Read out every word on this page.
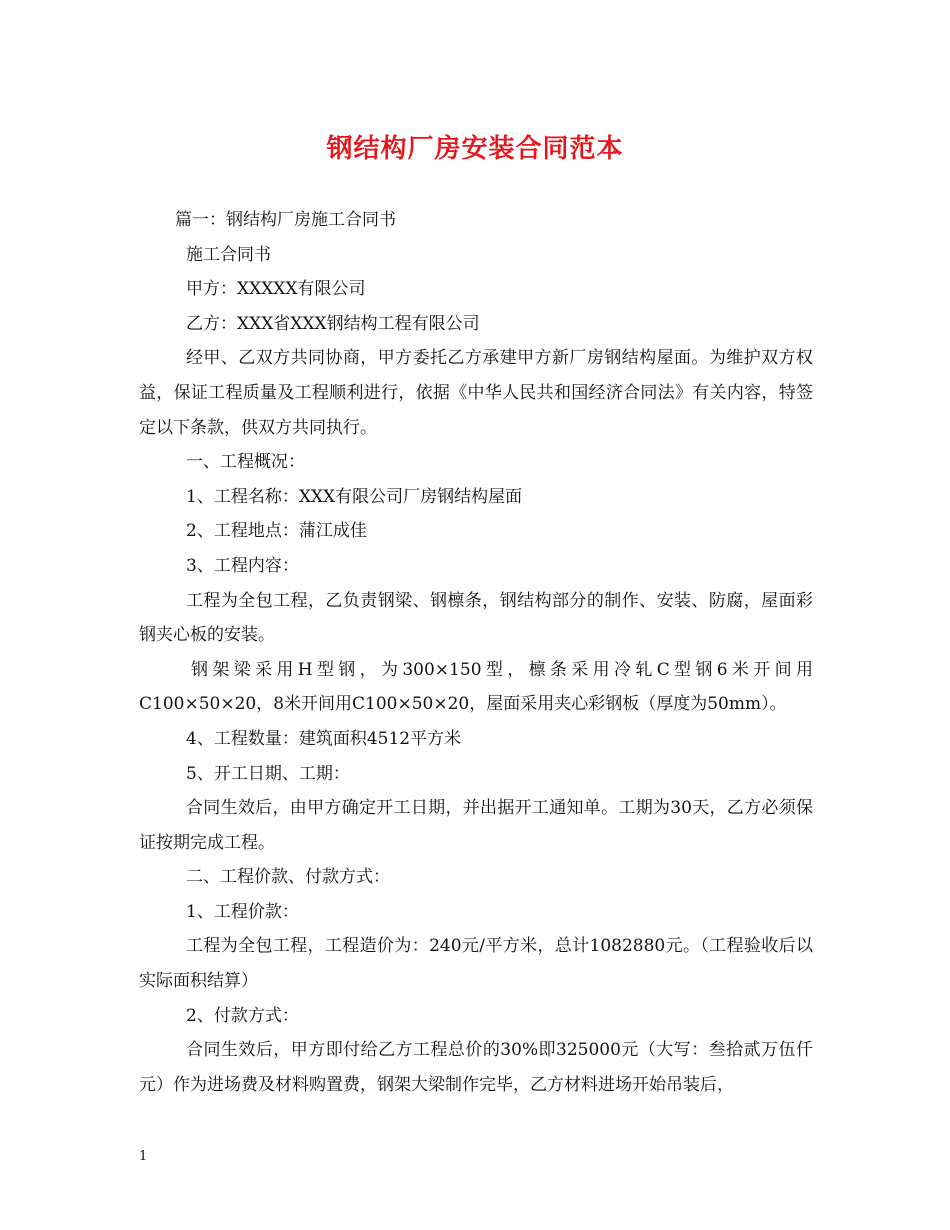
钢结构厂房安装合同范本

篇一：钢结构厂房施工合同书

施工合同书

甲方：XXXXX有限公司

乙方：XXX省XXX钢结构工程有限公司

经甲、乙双方共同协商，甲方委托乙方承建甲方新厂房钢结构屋面。为维护双方权益，保证工程质量及工程顺利进行，依据《中华人民共和国经济合同法》有关内容，特签定以下条款，供双方共同执行。

一、工程概况：

1、工程名称：XXX有限公司厂房钢结构屋面

2、工程地点：蒲江成佳

3、工程内容：

工程为全包工程，乙负责钢梁、钢檩条，钢结构部分的制作、安装、防腐，屋面彩钢夹心板的安装。

钢架梁采用H型钢，为300×150型，檩条采用冷轧C型钢6米开间用C100×50×20，8米开间用C100×50×20，屋面采用夹心彩钢板（厚度为50mm）。

4、工程数量：建筑面积4512平方米

5、开工日期、工期：

合同生效后，由甲方确定开工日期，并出据开工通知单。工期为30天，乙方必须保证按期完成工程。

二、工程价款、付款方式：

1、工程价款：

工程为全包工程，工程造价为：240元/平方米，总计1082880元。（工程验收后以实际面积结算）

2、付款方式：

合同生效后，甲方即付给乙方工程总价的30%即325000元（大写：叁拾贰万伍仟元）作为进场费及材料购置费，钢架大梁制作完毕，乙方材料进场开始吊装后，

1
